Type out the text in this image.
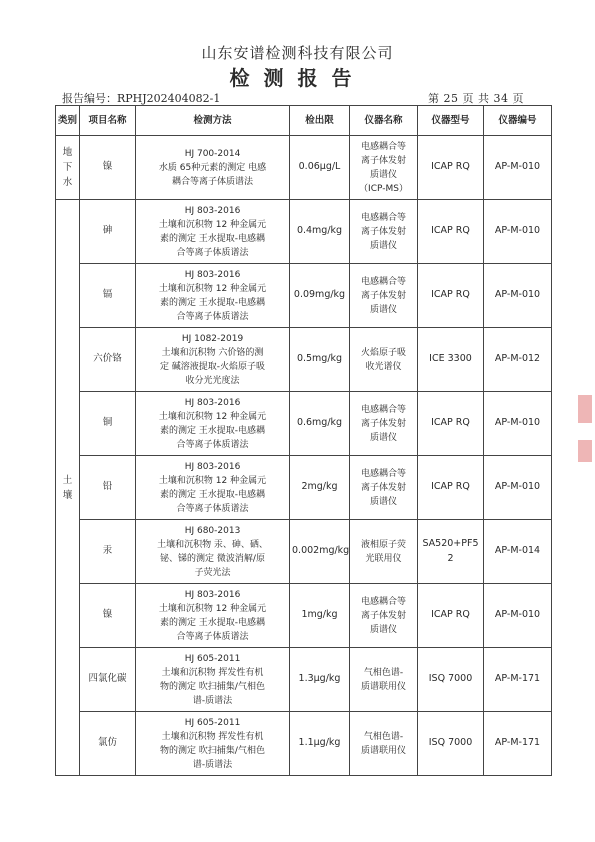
山东安谱检测科技有限公司
检测报告
报告编号：RPHJ202404082-1	第 25 页 共 34 页
类别	项目名称	检测方法	检出限	仪器名称	仪器型号	仪器编号

地
下
水	镍	HJ 700-2014
水质 65种元素的测定 电感
耦合等离子体质谱法	0.06μg/L	电感耦合等
离子体发射
质谱仪
（ICP-MS）	ICAP RQ	AP-M-010

土
壤	砷	HJ 803-2016
土壤和沉积物 12 种金属元
素的测定 王水提取-电感耦
合等离子体质谱法	0.4mg/kg	电感耦合等
离子体发射
质谱仪	ICAP RQ	AP-M-010
	镉	HJ 803-2016
土壤和沉积物 12 种金属元
素的测定 王水提取-电感耦
合等离子体质谱法	0.09mg/kg	电感耦合等
离子体发射
质谱仪	ICAP RQ	AP-M-010
	六价铬	HJ 1082-2019
土壤和沉积物 六价铬的测
定 碱溶液提取-火焰原子吸
收分光光度法	0.5mg/kg	火焰原子吸
收光谱仪	ICE 3300	AP-M-012
	铜	HJ 803-2016
土壤和沉积物 12 种金属元
素的测定 王水提取-电感耦
合等离子体质谱法	0.6mg/kg	电感耦合等
离子体发射
质谱仪	ICAP RQ	AP-M-010
	铅	HJ 803-2016
土壤和沉积物 12 种金属元
素的测定 王水提取-电感耦
合等离子体质谱法	2mg/kg	电感耦合等
离子体发射
质谱仪	ICAP RQ	AP-M-010
	汞	HJ 680-2013
土壤和沉积物 汞、砷、硒、
铋、锑的测定 微波消解/原
子荧光法	0.002mg/kg	液相原子荧
光联用仪	SA520+PF5
2	AP-M-014
	镍	HJ 803-2016
土壤和沉积物 12 种金属元
素的测定 王水提取-电感耦
合等离子体质谱法	1mg/kg	电感耦合等
离子体发射
质谱仪	ICAP RQ	AP-M-010
	四氯化碳	HJ 605-2011
土壤和沉积物 挥发性有机
物的测定 吹扫捕集/气相色
谱-质谱法	1.3μg/kg	气相色谱-
质谱联用仪	ISQ 7000	AP-M-171
	氯仿	HJ 605-2011
土壤和沉积物 挥发性有机
物的测定 吹扫捕集/气相色
谱-质谱法	1.1μg/kg	气相色谱-
质谱联用仪	ISQ 7000	AP-M-171
